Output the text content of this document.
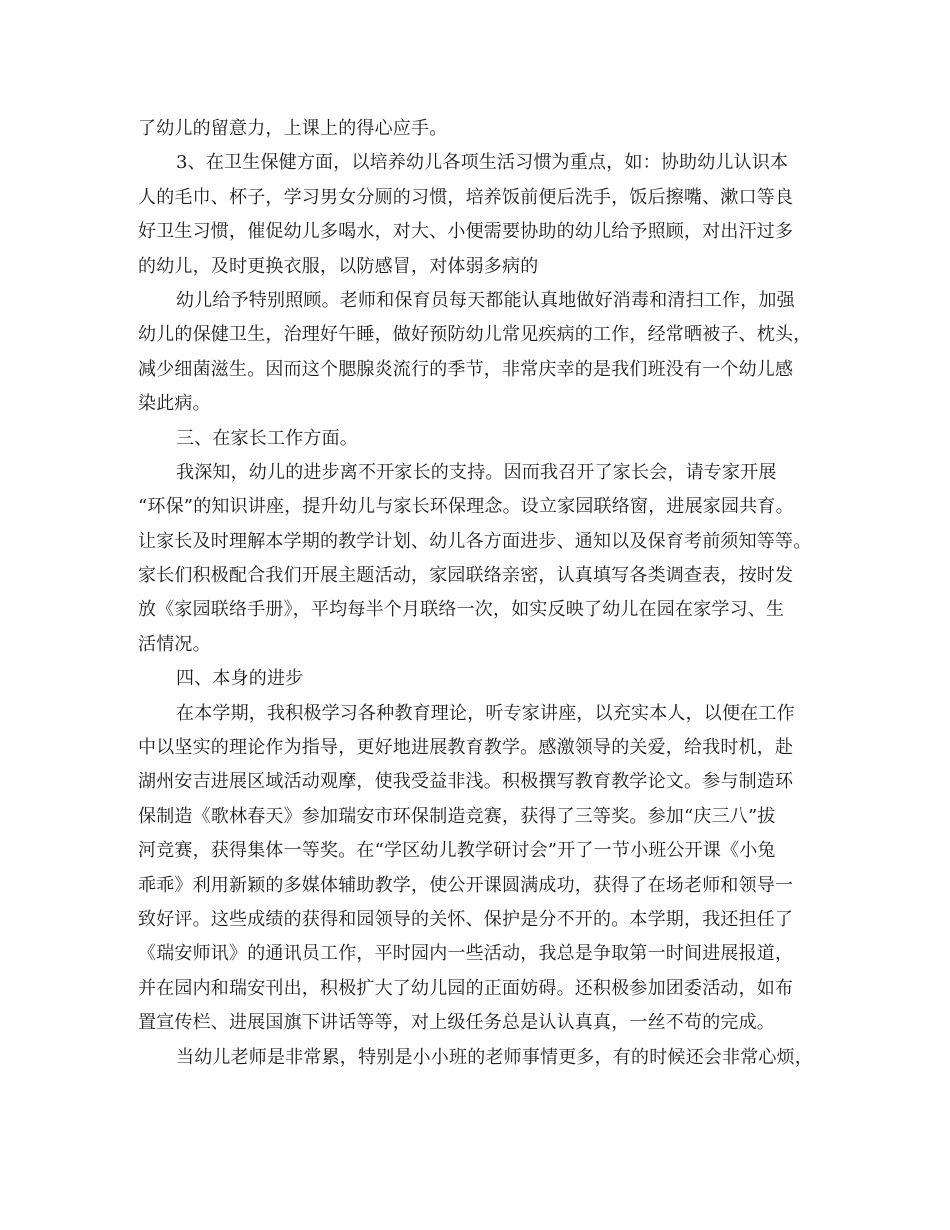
了幼儿的留意力，上课上的得心应手。
3、在卫生保健方面，以培养幼儿各项生活习惯为重点，如：协助幼儿认识本
人的毛巾、杯子，学习男女分厕的习惯，培养饭前便后洗手，饭后擦嘴、漱口等良
好卫生习惯，催促幼儿多喝水，对大、小便需要协助的幼儿给予照顾，对出汗过多
的幼儿，及时更换衣服，以防感冒，对体弱多病的
幼儿给予特别照顾。老师和保育员每天都能认真地做好消毒和清扫工作，加强
幼儿的保健卫生，治理好午睡，做好预防幼儿常见疾病的工作，经常晒被子、枕头，
减少细菌滋生。因而这个腮腺炎流行的季节，非常庆幸的是我们班没有一个幼儿感
染此病。
三、在家长工作方面。
我深知，幼儿的进步离不开家长的支持。因而我召开了家长会，请专家开展
“环保”的知识讲座，提升幼儿与家长环保理念。设立家园联络窗，进展家园共育。
让家长及时理解本学期的教学计划、幼儿各方面进步、通知以及保育考前须知等等。
家长们积极配合我们开展主题活动，家园联络亲密，认真填写各类调查表，按时发
放《家园联络手册》，平均每半个月联络一次，如实反映了幼儿在园在家学习、生
活情况。
四、本身的进步
在本学期，我积极学习各种教育理论，听专家讲座，以充实本人，以便在工作
中以坚实的理论作为指导，更好地进展教育教学。感激领导的关爱，给我时机，赴
湖州安吉进展区域活动观摩，使我受益非浅。积极撰写教育教学论文。参与制造环
保制造《歌林春天》参加瑞安市环保制造竞赛，获得了三等奖。参加“庆三八”拔
河竞赛，获得集体一等奖。在“学区幼儿教学研讨会”开了一节小班公开课《小兔
乖乖》利用新颖的多媒体辅助教学，使公开课圆满成功，获得了在场老师和领导一
致好评。这些成绩的获得和园领导的关怀、保护是分不开的。本学期，我还担任了
《瑞安师讯》的通讯员工作，平时园内一些活动，我总是争取第一时间进展报道，
并在园内和瑞安刊出，积极扩大了幼儿园的正面妨碍。还积极参加团委活动，如布
置宣传栏、进展国旗下讲话等等，对上级任务总是认认真真，一丝不苟的完成。
当幼儿老师是非常累，特别是小小班的老师事情更多，有的时候还会非常心烦，
